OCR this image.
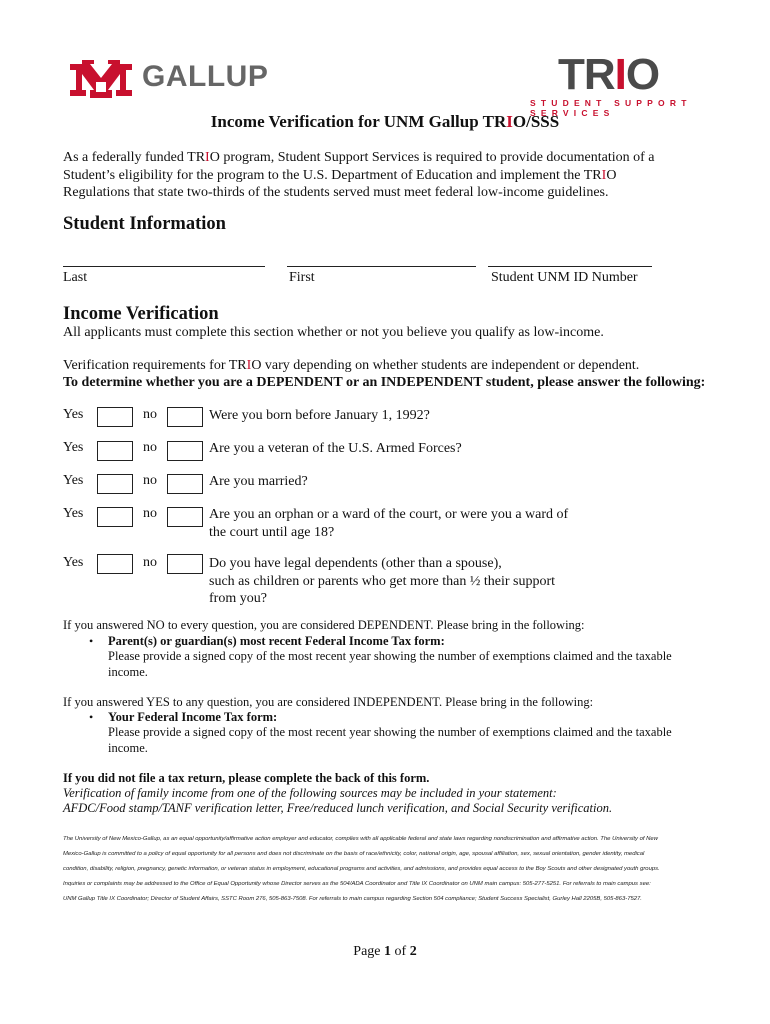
GALLUP	TRIO
STUDENT SUPPORT SERVICES
Income Verification for UNM Gallup TRIO/SSS
As a federally funded TRIO program, Student Support Services is required to provide documentation of a
Student’s eligibility for the program to the U.S. Department of Education and implement the TRIO
Regulations that state two-thirds of the students served must meet federal low-income guidelines.
Student Information
Last	First	Student UNM ID Number
Income Verification
All applicants must complete this section whether or not you believe you qualify as low-income.
Verification requirements for TRIO vary depending on whether students are independent or dependent.
To determine whether you are a DEPENDENT or an INDEPENDENT student, please answer the following:
Yes	no	Were you born before January 1, 1992?
Yes	no	Are you a veteran of the U.S. Armed Forces?
Yes	no	Are you married?
Yes	no	Are you an orphan or a ward of the court, or were you a ward of
the court until age 18?
Yes	no	Do you have legal dependents (other than a spouse),
such as children or parents who get more than ½ their support
from you?
If you answered NO to every question, you are considered DEPENDENT. Please bring in the following:
• Parent(s) or guardian(s) most recent Federal Income Tax form:
Please provide a signed copy of the most recent year showing the number of exemptions claimed and the taxable
income.
If you answered YES to any question, you are considered INDEPENDENT. Please bring in the following:
• Your Federal Income Tax form:
Please provide a signed copy of the most recent year showing the number of exemptions claimed and the taxable
income.
If you did not file a tax return, please complete the back of this form.
Verification of family income from one of the following sources may be included in your statement:
AFDC/Food stamp/TANF verification letter, Free/reduced lunch verification, and Social Security verification.
The University of New Mexico-Gallup, as an equal opportunity/affirmative action employer and educator, complies with all applicable federal and state laws regarding nondiscrimination and affirmative action. The University of New
Mexico-Gallup is committed to a policy of equal opportunity for all persons and does not discriminate on the basis of race/ethnicity, color, national origin, age, spousal affiliation, sex, sexual orientation, gender identity, medical
condition, disability, religion, pregnancy, genetic information, or veteran status in employment, educational programs and activities, and admissions, and provides equal access to the Boy Scouts and other designated youth groups.
Inquiries or complaints may be addressed to the Office of Equal Opportunity whose Director serves as the 504/ADA Coordinator and Title IX Coordinator on UNM main campus: 505-277-5251. For referrals to main campus see:
UNM Gallup Title IX Coordinator; Director of Student Affairs, SSTC Room 276, 505-863-7508. For referrals to main campus regarding Section 504 compliance; Student Success Specialist, Gurley Hall 2205B, 505-863-7527.
Page 1 of 2
